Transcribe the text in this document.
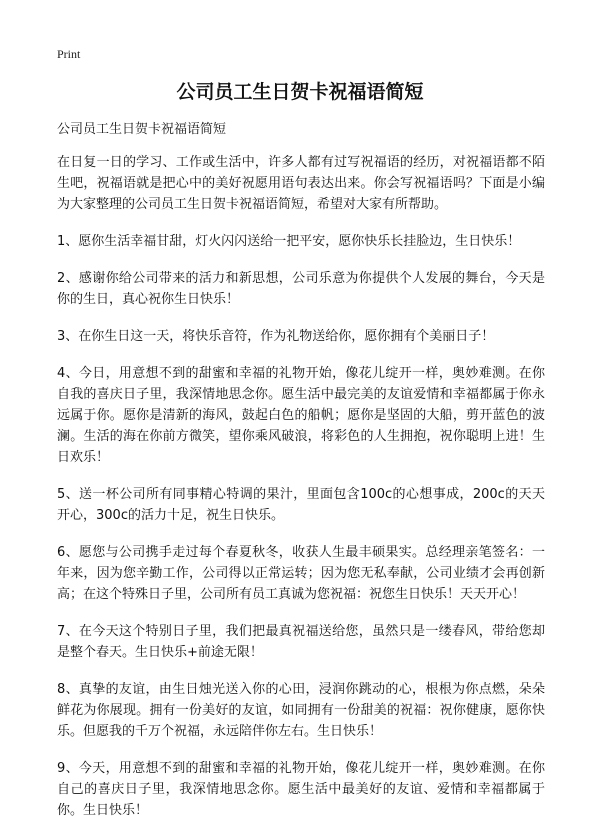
Print
公司员工生日贺卡祝福语简短

公司员工生日贺卡祝福语简短

在日复一日的学习、工作或生活中，许多人都有过写祝福语的经历，对祝福语都不陌生吧，祝福语就是把心中的美好祝愿用语句表达出来。你会写祝福语吗？下面是小编为大家整理的公司员工生日贺卡祝福语简短，希望对大家有所帮助。

1、愿你生活幸福甘甜，灯火闪闪送给一把平安，愿你快乐长挂脸边，生日快乐！

2、感谢你给公司带来的活力和新思想，公司乐意为你提供个人发展的舞台，今天是你的生日，真心祝你生日快乐！

3、在你生日这一天，将快乐音符，作为礼物送给你，愿你拥有个美丽日子！

4、今日，用意想不到的甜蜜和幸福的礼物开始，像花儿绽开一样，奥妙难测。在你自我的喜庆日子里，我深情地思念你。愿生活中最完美的友谊爱情和幸福都属于你永远属于你。愿你是清新的海风，鼓起白色的船帆；愿你是坚固的大船，剪开蓝色的波澜。生活的海在你前方微笑，望你乘风破浪，将彩色的人生拥抱，祝你聪明上进！生日欢乐！

5、送一杯公司所有同事精心特调的果汁，里面包含100c的心想事成，200c的天天开心，300c的活力十足，祝生日快乐。

6、愿您与公司携手走过每个春夏秋冬，收获人生最丰硕果实。总经理亲笔签名：一年来，因为您辛勤工作，公司得以正常运转；因为您无私奉献，公司业绩才会再创新高；在这个特殊日子里，公司所有员工真诚为您祝福：祝您生日快乐！天天开心！

7、在今天这个特别日子里，我们把最真祝福送给您，虽然只是一缕春风，带给您却是整个春天。生日快乐+前途无限！

8、真挚的友谊，由生日烛光送入你的心田，浸润你跳动的心，根根为你点燃，朵朵鲜花为你展现。拥有一份美好的友谊，如同拥有一份甜美的祝福：祝你健康，愿你快乐。但愿我的千万个祝福，永远陪伴你左右。生日快乐！

9、今天，用意想不到的甜蜜和幸福的礼物开始，像花儿绽开一样，奥妙难测。在你自己的喜庆日子里，我深情地思念你。愿生活中最美好的友谊、爱情和幸福都属于你。生日快乐！
